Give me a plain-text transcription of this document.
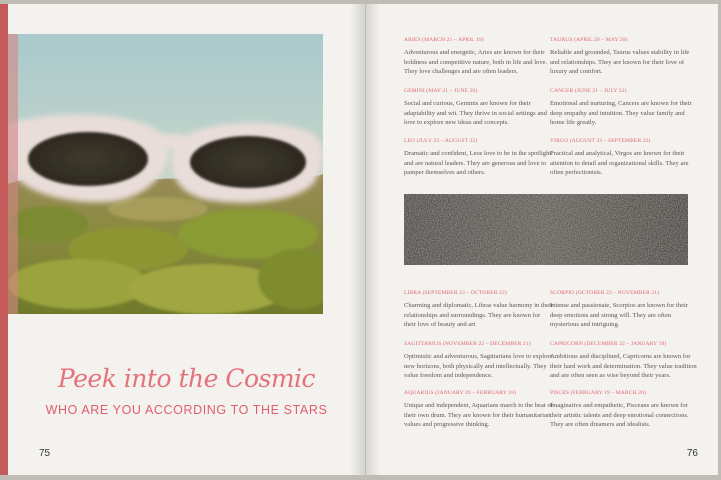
Peek into the Cosmic
WHO ARE YOU ACCORDING TO THE STARS
75
ARIES (MARCH 21 – APRIL 19)
Adventurous and energetic, Aries are known for their boldness and competitive nature, both in life and love. They love challenges and are often leaders.
TAURUS (APRIL 20 – MAY 20)
Reliable and grounded, Taurus values stability in life and relationships. They are known for their love of luxury and comfort.
GEMINI (MAY 21 – JUNE 20)
Social and curious, Geminis are known for their adaptability and wit. They thrive in social settings and love to explore new ideas and concepts.
CANCER (JUNE 21 – JULY 22)
Emotional and nurturing, Cancers are known for their deep empathy and intuition. They value family and home life greatly.
LEO (JULY 23 – AUGUST 22)
Dramatic and confident, Leos love to be in the spotlight and are natural leaders. They are generous and love to pamper themselves and others.
VIRGO (AUGUST 23 – SEPTEMBER 22)
Practical and analytical, Virgos are known for their attention to detail and organizational skills. They are often perfectionists.
LIBRA (SEPTEMBER 23 – OCTOBER 22)
Charming and diplomatic, Libras value harmony in their relationships and surroundings. They are known for their love of beauty and art
SCORPIO (OCTOBER 23 – NOVEMBER 21)
Intense and passionate, Scorpios are known for their deep emotions and strong will. They are often mysterious and intriguing.
SAGITTARIUS (NOVEMBER 22 – DECEMBER 21)
Optimistic and adventurous, Sagittarians love to explore new horizons, both physically and intellectually. They value freedom and independence.
CAPRICORN (DECEMBER 22 – JANUARY 19)
Ambitious and disciplined, Capricorns are known for their hard work and determination. They value tradition and are often seen as wise beyond their years.
AQUARIUS (JANUARY 20 – FEBRUARY 18)
Unique and independent, Aquarians march to the beat of their own drum. They are known for their humanitarian values and progressive thinking.
PISCES (FEBRUARY 19 – MARCH 20)
Imaginative and empathetic, Pisceans are known for their artistic talents and deep emotional connections. They are often dreamers and idealists.
76
